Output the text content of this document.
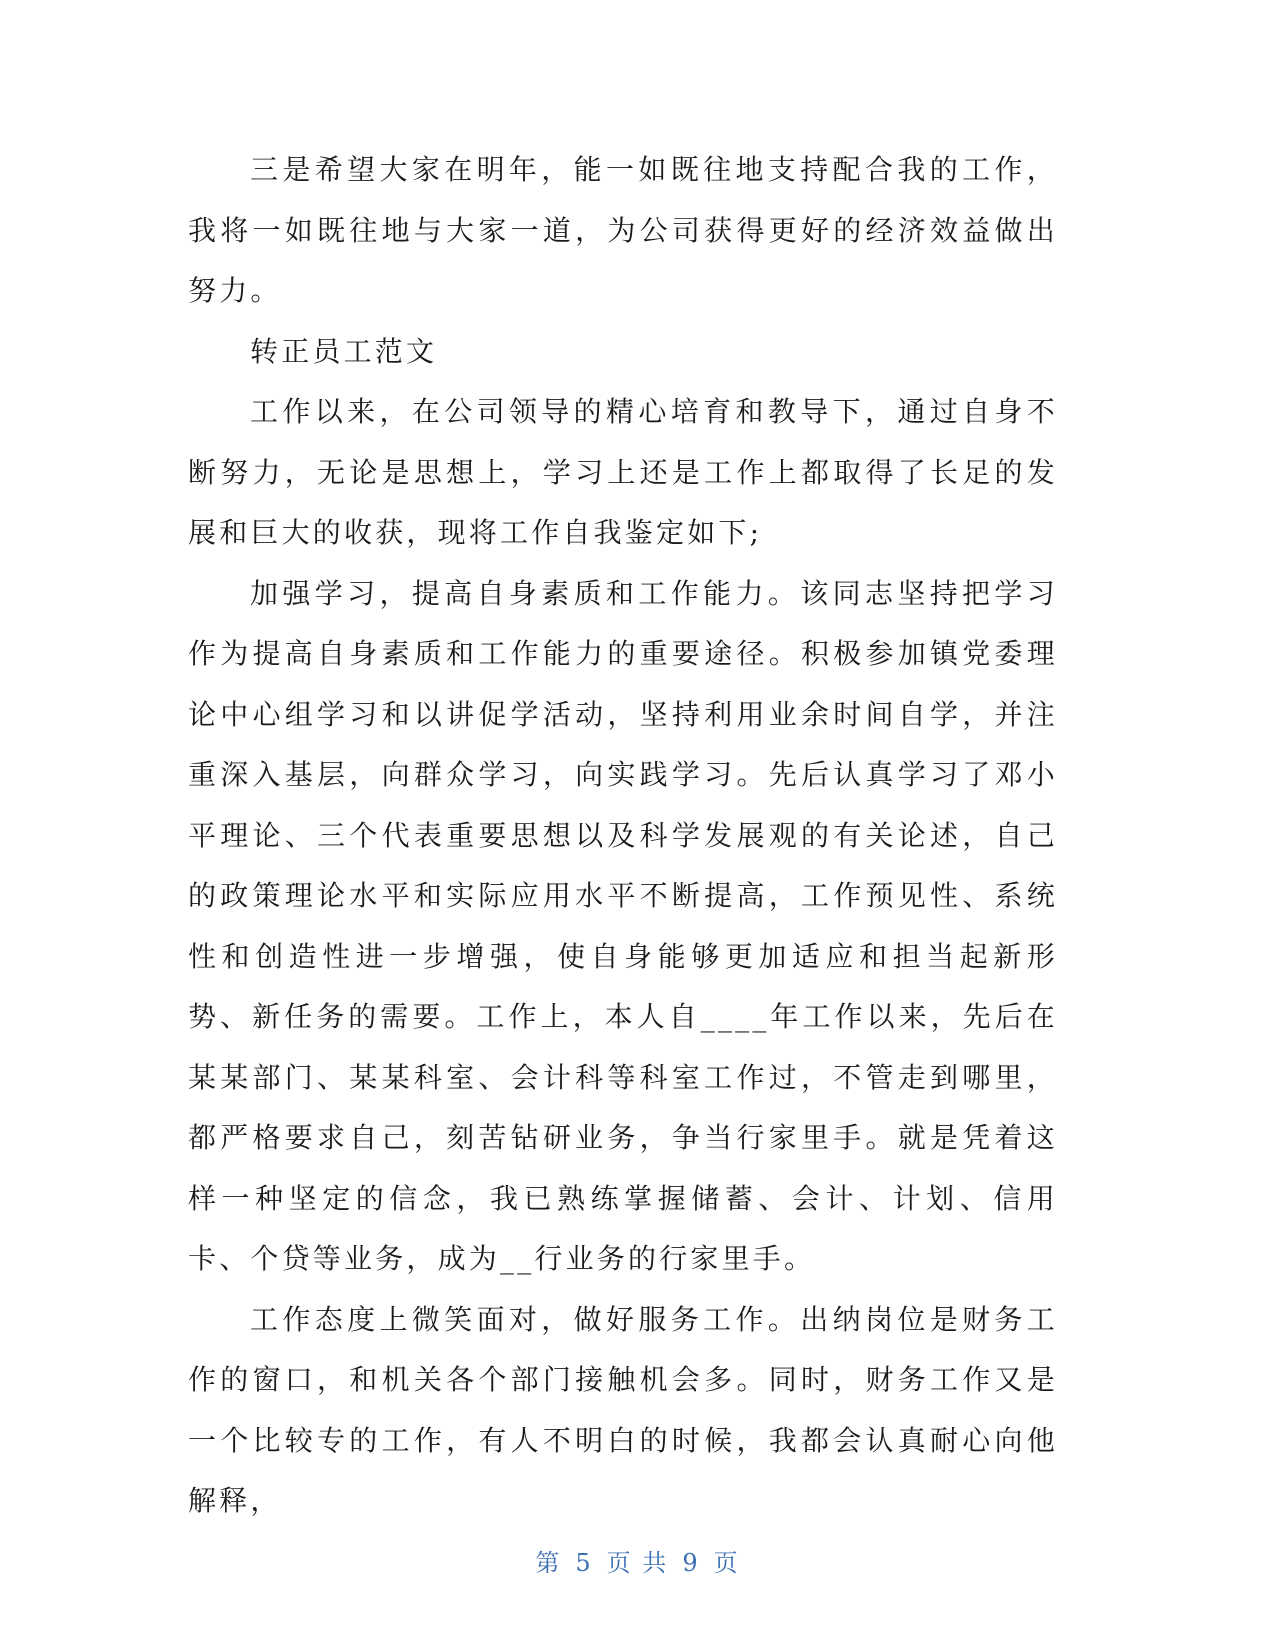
三是希望大家在明年，能一如既往地支持配合我的工作，我将一如既往地与大家一道，为公司获得更好的经济效益做出努力。

转正员工范文

工作以来，在公司领导的精心培育和教导下，通过自身不断努力，无论是思想上，学习上还是工作上都取得了长足的发展和巨大的收获，现将工作自我鉴定如下;

加强学习，提高自身素质和工作能力。该同志坚持把学习作为提高自身素质和工作能力的重要途径。积极参加镇党委理论中心组学习和以讲促学活动，坚持利用业余时间自学，并注重深入基层，向群众学习，向实践学习。先后认真学习了邓小平理论、三个代表重要思想以及科学发展观的有关论述，自己的政策理论水平和实际应用水平不断提高，工作预见性、系统性和创造性进一步增强，使自身能够更加适应和担当起新形势、新任务的需要。工作上，本人自____年工作以来，先后在某某部门、某某科室、会计科等科室工作过，不管走到哪里，都严格要求自己，刻苦钻研业务，争当行家里手。就是凭着这样一种坚定的信念，我已熟练掌握储蓄、会计、计划、信用卡、个贷等业务，成为__行业务的行家里手。

工作态度上微笑面对，做好服务工作。出纳岗位是财务工作的窗口，和机关各个部门接触机会多。同时，财务工作又是一个比较专的工作，有人不明白的时候，我都会认真耐心向他解释，

第 5 页 共 9 页
